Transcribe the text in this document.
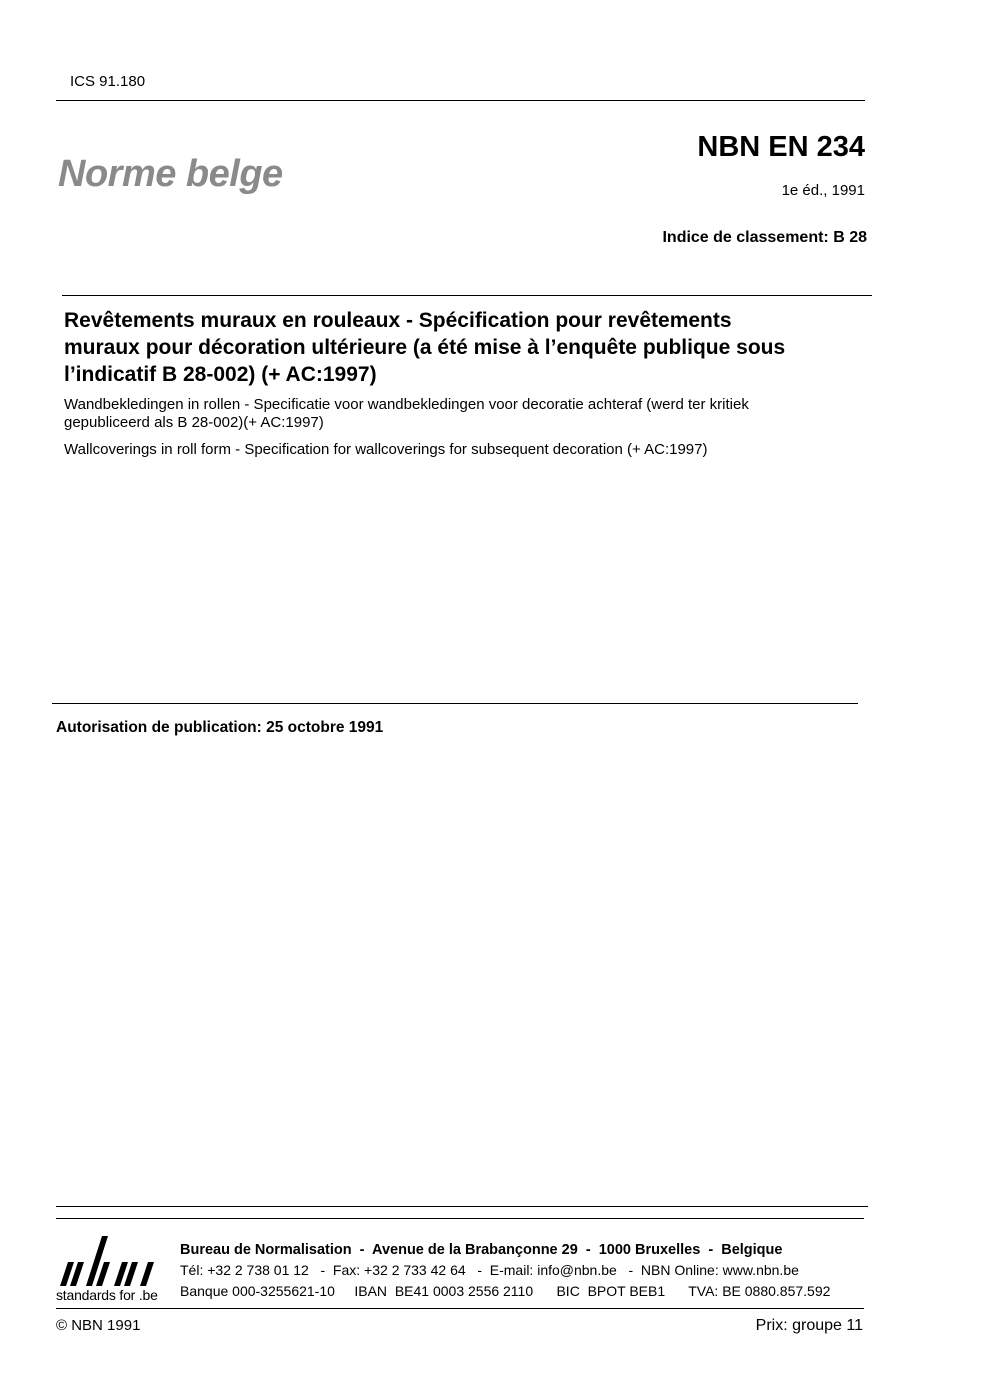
ICS 91.180
Norme belge
NBN EN 234
1e éd., 1991
Indice de classement: B 28
Revêtements muraux en rouleaux - Spécification pour revêtements
muraux pour décoration ultérieure (a été mise à l’enquête publique sous
l’indicatif B 28-002) (+ AC:1997)
Wandbekledingen in rollen - Specificatie voor wandbekledingen voor decoratie achteraf (werd ter kritiek
gepubliceerd als B 28-002)(+ AC:1997)
Wallcoverings in roll form - Specification for wallcoverings for subsequent decoration (+ AC:1997)
Autorisation de publication: 25 octobre 1991
standards for .be
Bureau de Normalisation  -  Avenue de la Brabançonne 29  -  1000 Bruxelles  -  Belgique
Tél: +32 2 738 01 12   -  Fax: +32 2 733 42 64   -  E-mail: info@nbn.be   -  NBN Online: www.nbn.be
Banque 000-3255621-10     IBAN  BE41 0003 2556 2110      BIC  BPOT BEB1      TVA: BE 0880.857.592
© NBN 1991	Prix: groupe 11
